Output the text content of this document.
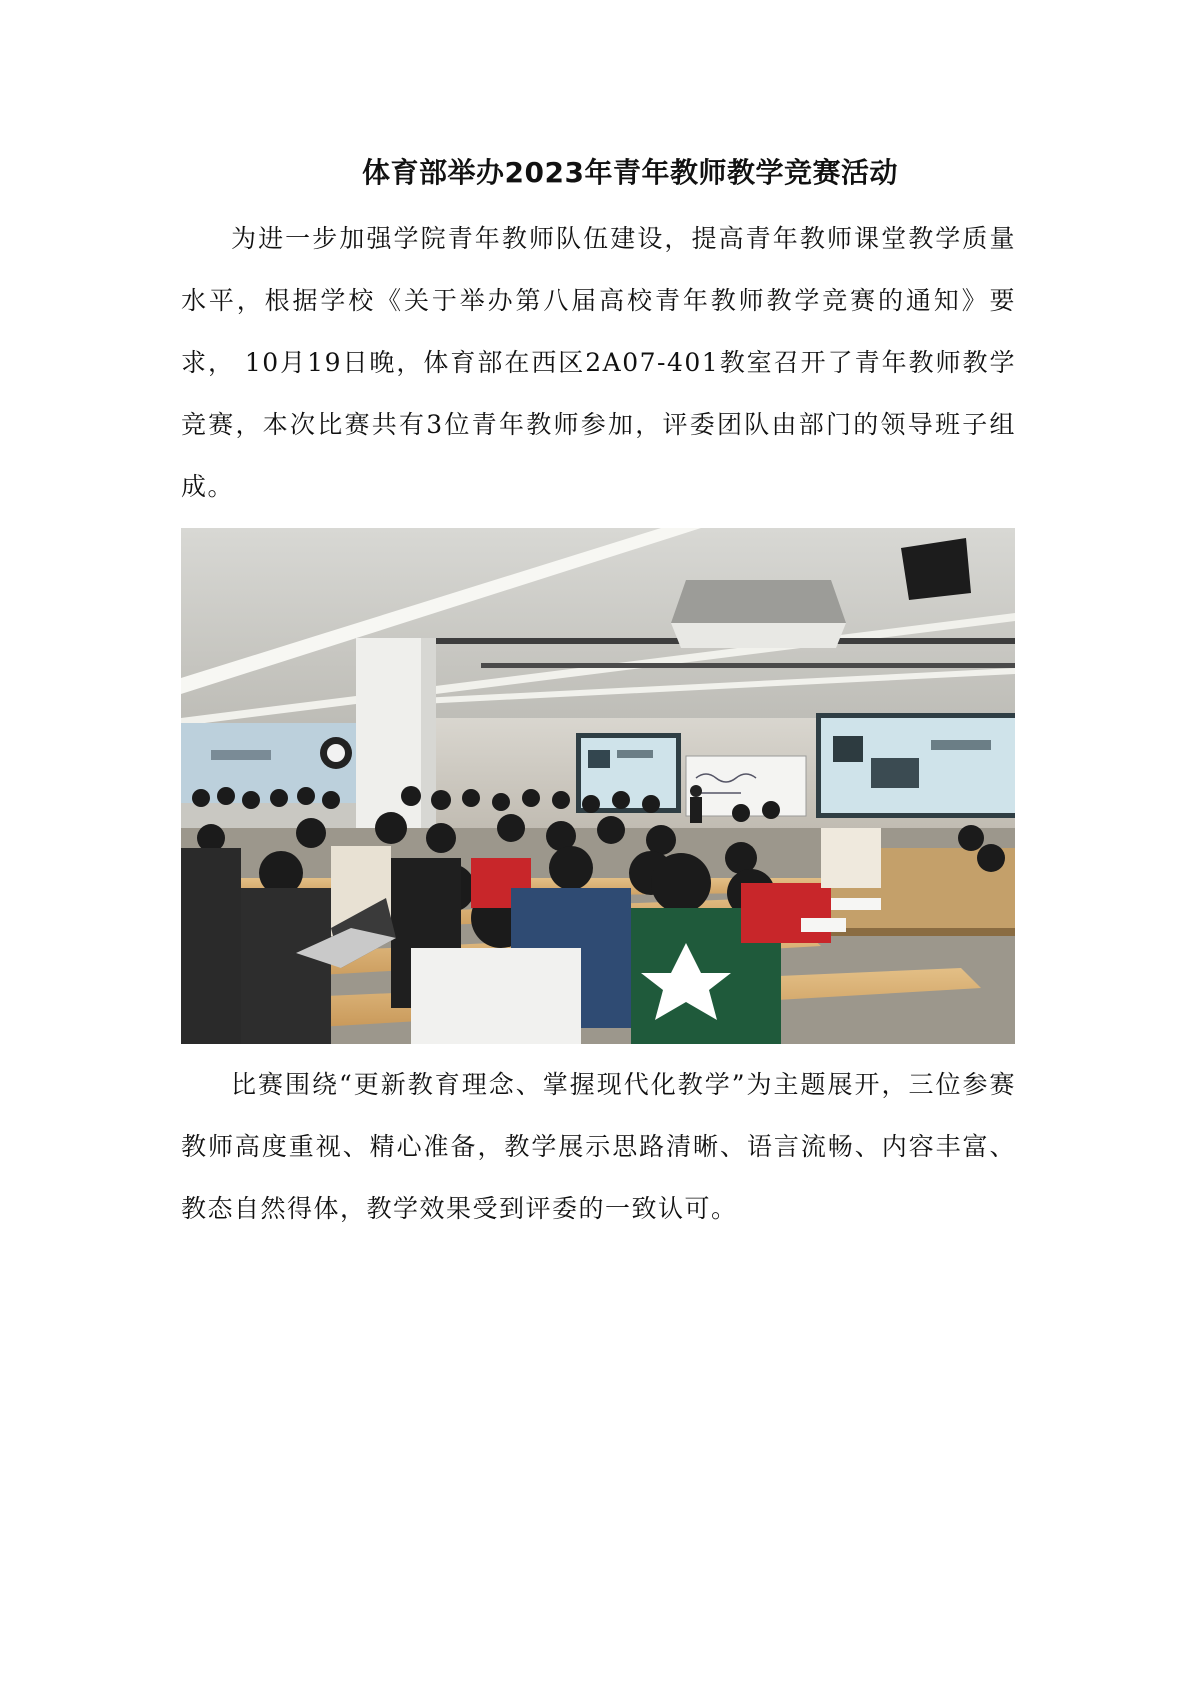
体育部举办2023年青年教师教学竞赛活动

为进一步加强学院青年教师队伍建设，提高青年教师课堂教学质量水平，根据学校《关于举办第八届高校青年教师教学竞赛的通知》要求， 10月19日晚，体育部在西区2A07-401教室召开了青年教师教学竞赛，本次比赛共有3位青年教师参加，评委团队由部门的领导班子组成。

比赛围绕“更新教育理念、掌握现代化教学”为主题展开，三位参赛教师高度重视、精心准备，教学展示思路清晰、语言流畅、内容丰富、教态自然得体，教学效果受到评委的一致认可。
